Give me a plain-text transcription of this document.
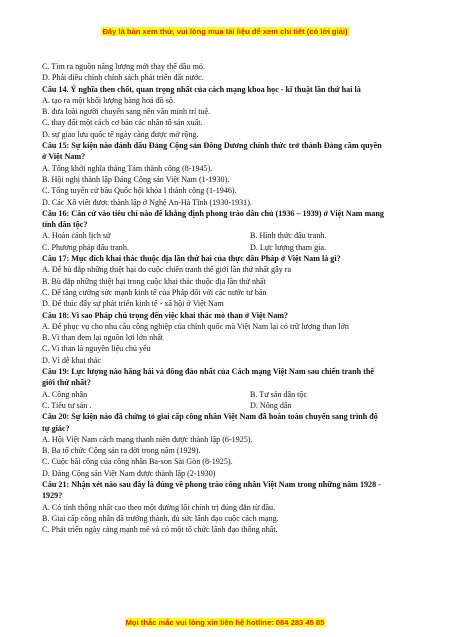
Đây là bản xem thử, vui lòng mua tài liệu để xem chi tiết (có lời giải)
C. Tìm ra nguồn năng lượng mới thay thế dầu mỏ.
D. Phải điều chỉnh chính sách phát triển đất nước.
Câu 14. Ý nghĩa then chốt, quan trọng nhất của cách mạng khoa học - kĩ thuật lần thứ hai là
A. tạo ra một khối lượng hàng hoá đồ sộ.
B. đưa loài người chuyển sang nền văn minh trí tuệ.
C. thay đổi một cách cơ bản các nhân tố sản xuất.
D. sự giao lưu quốc tế ngày càng được mở rộng.
Câu 15: Sự kiện nào đánh dấu Đảng Cộng sản Đông Dương chính thức trở thành Đảng cầm quyền
ở Việt Nam?
A. Tổng khởi nghĩa tháng Tám thành công (8-1945).
B. Hội nghị thành lập Đảng Cộng sản Việt Nam (1-1930).
C. Tổng tuyển cử bầu Quốc hội khóa I thành công (1-1946).
D. Các Xô viết được thành lập ở Nghệ An-Hà Tĩnh (1930-1931).
Câu 16: Căn cứ vào tiêu chí nào để khẳng định phong trào dân chủ (1936 – 1939) ở Việt Nam mang
tính dân tộc?
A. Hoàn cảnh lịch sử	B. Hình thức đấu tranh.
C. Phương pháp đấu tranh.	D. Lực lượng tham gia.
Câu 17: Mục đích khai thác thuộc địa lần thứ hai của thực dân Pháp ở Việt Nam là gì?
A. Để bù đắp những thiệt hại do cuộc chiến tranh thế giới lần thứ nhất gây ra
B. Bù đắp những thiệt hại trong cuộc khai thác thuộc địa lần thứ nhất
C. Để tăng cường sức mạnh kinh tế của Pháp đối với các nước tư bản
D. Để thúc đẩy sự phát triển kinh tế - xã hội ở Việt Nam
Câu 18: Vì sao Pháp chú trọng đến việc khai thác mỏ than ở Việt Nam?
A. Để phục vụ cho nhu cầu công nghiệp của chính quốc mà Việt Nam lại có trữ lượng than lớn
B. Vì than đem lại nguồn lợi lớn nhất
C. Vì than là nguyên liệu chủ yếu
D. Vì dễ khai thác
Câu 19: Lực lượng nào hăng hái và đông đảo nhất của Cách mạng Việt Nam sau chiến tranh thế
giới thứ nhất?
A. Công nhân	B. Tư sản dân tộc
C. Tiểu tư sản .	D. Nông dân
Câu 20: Sự kiện nào đã chứng tỏ giai cấp công nhân Việt Nam đã hoàn toàn chuyển sang trình độ
tự giác?
A. Hội Việt Nam cách mạng thanh niên được thành lập (6-1925).
B. Ba tổ chức Cộng sản ra đời trong năm (1929).
C. Cuộc bãi công của công nhân Ba-son Sài Gòn (8-1925).
D. Đảng Cộng sản Việt Nam được thành lập (2-1930)
Câu 21: Nhận xét nào sau đây là đúng về phong trào công nhân Việt Nam trong những năm 1928 -
1929?
A. Có tính thống nhất cao theo một đường lối chính trị đúng đắn từ đầu.
B. Giai cấp công nhân đã trưởng thành, đủ sức lãnh đạo cuộc cách mạng.
C. Phát triển ngày càng mạnh mẽ và có một tổ chức lãnh đạo thống nhất.
Mọi thắc mắc vui lòng xin liên hệ hotline: 084 283 45 85
